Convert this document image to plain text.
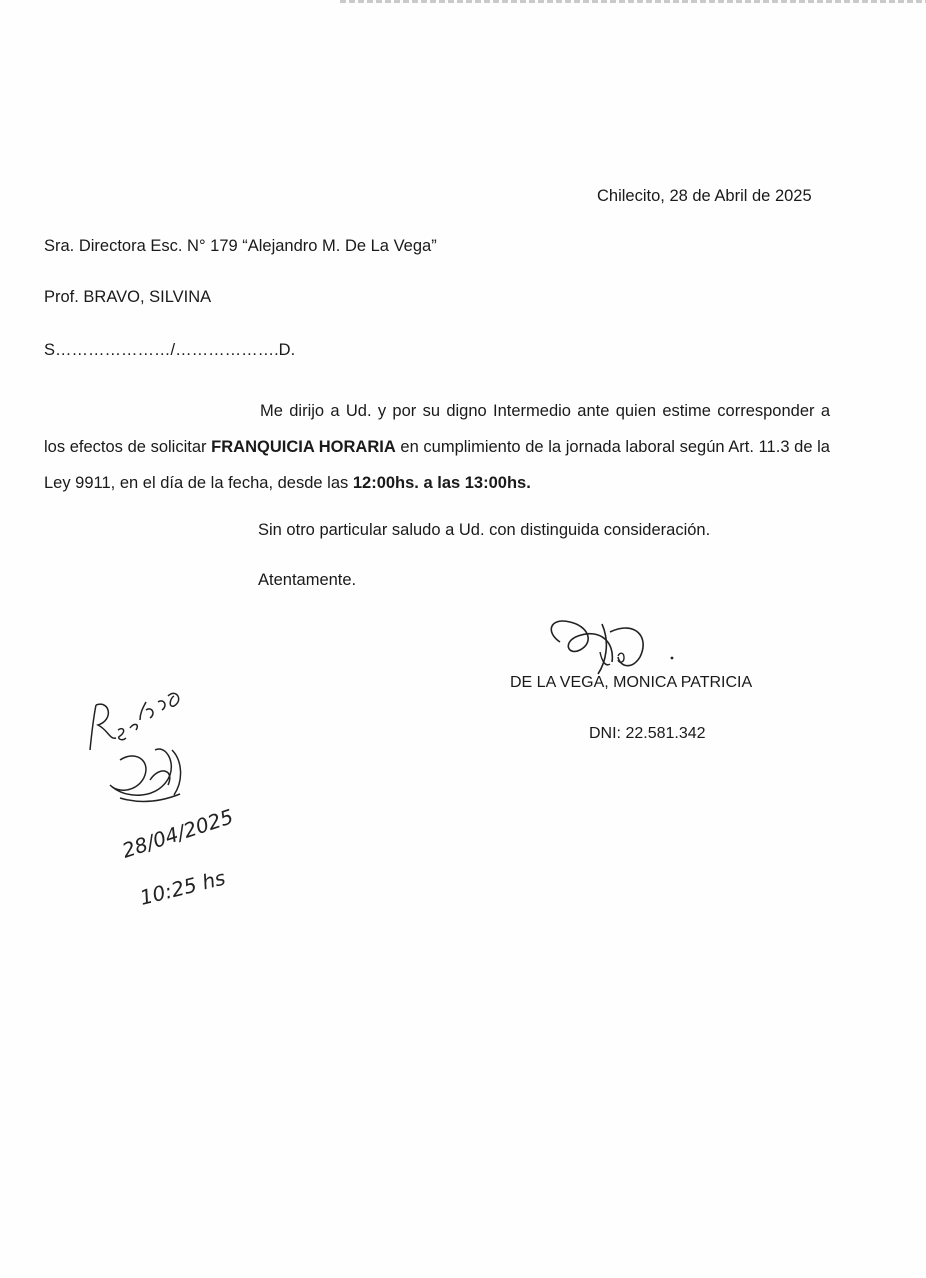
Chilecito, 28 de Abril de 2025
Sra. Directora Esc. N° 179 “Alejandro M. De La Vega”
Prof. BRAVO, SILVINA
S…………………/……………….D.
Me dirijo a Ud. y por su digno Intermedio ante quien estime corresponder a los efectos de solicitar FRANQUICIA HORARIA en cumplimiento de la jornada laboral según Art. 11.3 de la Ley 9911, en el día de la fecha, desde las 12:00hs. a las 13:00hs.
Sin otro particular saludo a Ud. con distinguida consideración.
Atentamente.
DE LA VEGA, MONICA PATRICIA
DNI: 22.581.342
28/04/2025
10:25 hs
